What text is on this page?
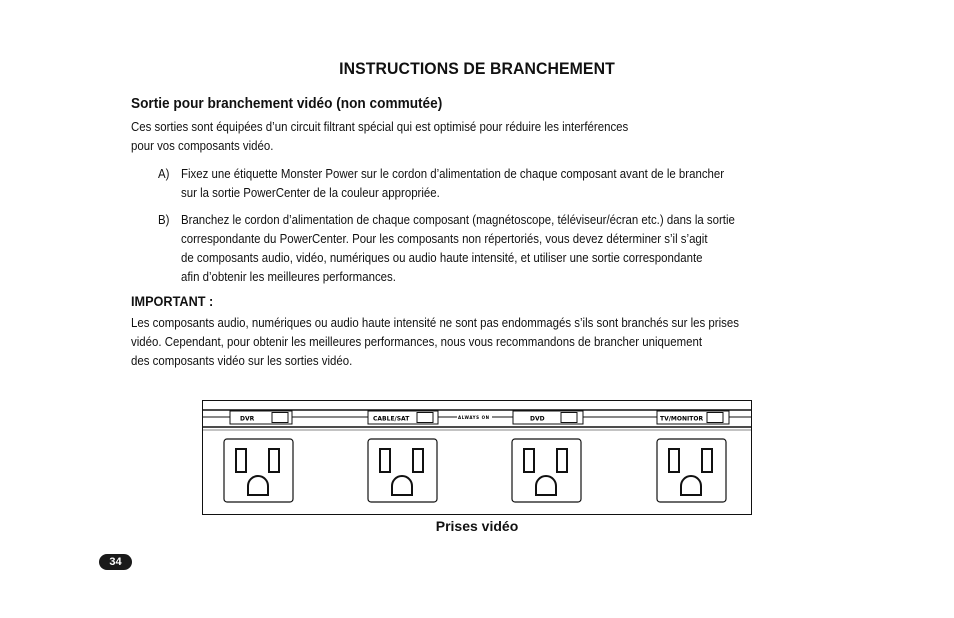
INSTRUCTIONS DE BRANCHEMENT
Sortie pour branchement vidéo (non commutée)
Ces sorties sont équipées d’un circuit filtrant spécial qui est optimisé pour réduire les interférences
pour vos composants vidéo.
A) Fixez une étiquette Monster Power sur le cordon d’alimentation de chaque composant avant de le brancher
sur la sortie PowerCenter de la couleur appropriée.
B) Branchez le cordon d’alimentation de chaque composant (magnétoscope, téléviseur/écran etc.) dans la sortie
correspondante du PowerCenter. Pour les composants non répertoriés, vous devez déterminer s’il s’agit
de composants audio, vidéo, numériques ou audio haute intensité, et utiliser une sortie correspondante
afin d’obtenir les meilleures performances.
IMPORTANT :
Les composants audio, numériques ou audio haute intensité ne sont pas endommagés s’ils sont branchés sur les prises
vidéo. Cependant, pour obtenir les meilleures performances, nous vous recommandons de brancher uniquement
des composants vidéo sur les sorties vidéo.
DVR	CABLE/SAT	ALWAYS ON	DVD	TV/MONITOR
Prises vidéo
34
